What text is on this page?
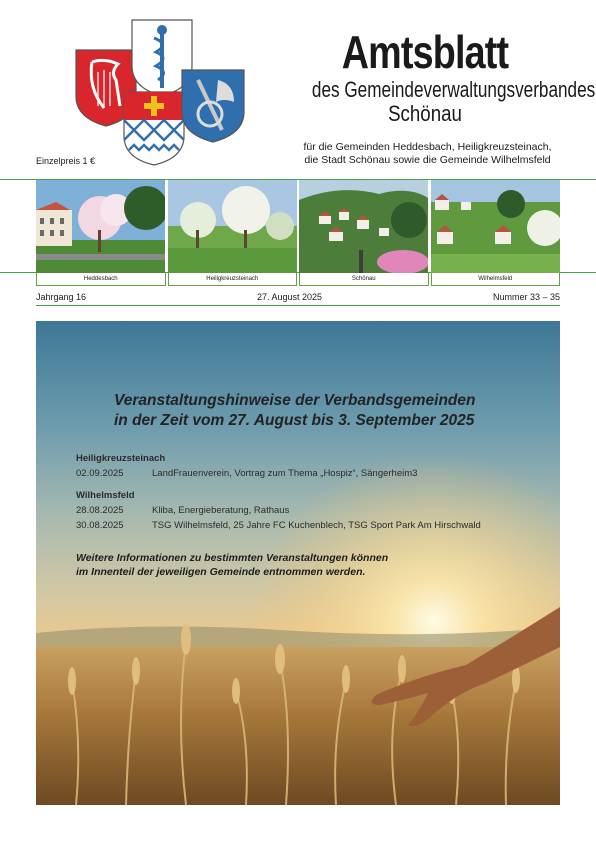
Amtsblatt
des Gemeindeverwaltungsverbandes
Schönau
für die Gemeinden Heddesbach, Heiligkreuzsteinach,
die Stadt Schönau sowie die Gemeinde Wilhelmsfeld
Einzelpreis 1 €
Heddesbach	Heiligkreuzsteinach	Schönau	Wilhelmsfeld
Jahrgang 16	27. August 2025	Nummer 33 – 35
Veranstaltungshinweise der Verbandsgemeinden
in der Zeit vom 27. August bis 3. September 2025
Heiligkreuzsteinach
02.09.2025	LandFrauenverein, Vortrag zum Thema „Hospiz“, Sängerheim3
Wilhelmsfeld
28.08.2025	Kliba, Energieberatung, Rathaus
30.08.2025	TSG Wilhelmsfeld, 25 Jahre FC Kuchenblech, TSG Sport Park Am Hirschwald
Weitere Informationen zu bestimmten Veranstaltungen können
im Innenteil der jeweiligen Gemeinde entnommen werden.
